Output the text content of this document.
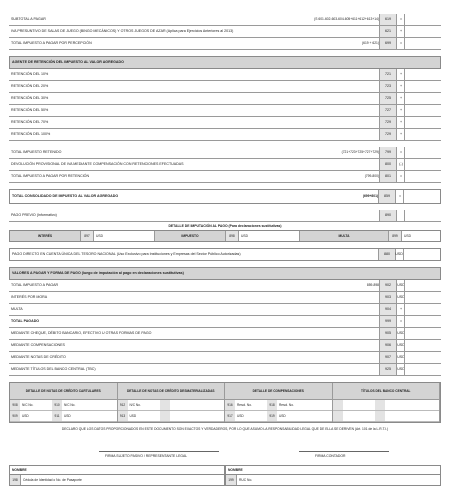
SUBTOTAL A PAGAR	(S 601-602-603-604-605+611+612+613+14)	619	=
IVA PRESUNTIVO DE SALAS DE JUEGO (BINGO MECÁNICOS) Y OTROS JUEGOS DE AZAR (Aplica para Ejercicios Anteriores al 2013)	621	+
TOTAL IMPUESTO A PAGAR POR PERCEPCIÓN	(619 + 621)	699	=
AGENTE DE RETENCIÓN DEL IMPUESTO AL VALOR AGREGADO
RETENCIÓN DEL 10%	721	+
RETENCIÓN DEL 20%	723	+
RETENCIÓN DEL 30%	725	+
RETENCIÓN DEL 50%	727	+
RETENCIÓN DEL 70%	729	+
RETENCIÓN DEL 100%	729	+
TOTAL IMPUESTO RETENIDO	(721+723+725+727+729)	799	=
DEVOLUCIÓN PROVISIONAL DE IVA MEDIANTE COMPENSACIÓN CON RETENCIONES EFECTUADAS	800	(-)
TOTAL IMPUESTO A PAGAR POR RETENCIÓN	(799-800)	801	=
TOTAL CONSOLIDADO DE IMPUESTO AL VALOR AGREGADO	(699+801)	859	=
PAGO PREVIO (Informativo)	890
DETALLE DE IMPUTACIÓN AL PAGO (Para declaraciones sustitutivas)
INTERÉS	897	USD	IMPUESTO	898	USD	MULTA	899	USD
PAGO DIRECTO EN CUENTA ÚNICA DEL TESORO NACIONAL (Uso Exclusivo para Instituciones y Empresas del Sector Público Autorizadas)	880	USD
VALORES A PAGAR Y FORMA DE PAGO (luego de imputación al pago en declaraciones sustitutivas)
TOTAL IMPUESTO A PAGAR	859-898	902	USD
INTERÉS POR MORA	903	USD
MULTA	904	+
TOTAL PAGADO	999	=
MEDIANTE CHEQUE, DÉBITO BANCARIO, EFECTIVO U OTRAS FORMAS DE PAGO	905	USD
MEDIANTE COMPENSACIONES	906	USD
MEDIANTE NOTAS DE CRÉDITO	907	USD
MEDIANTE TÍTULOS DEL BANCO CENTRAL (TBC)	925	USD
DETALLE DE NOTAS DE CRÉDITO CARTULARES
908	N/C No.	910	N/C No.
909	USD	911	USD
DETALLE DE NOTAS DE CRÉDITO DESMATERIALIZADAS
912	N/C No.
913	USD
DETALLE DE COMPENSACIONES
916	Resol. No.	918	Resol. No.
917	USD	919	USD
TÍTULOS DEL BANCO CENTRAL
DECLARO QUE LOS DATOS PROPORCIONADOS EN ESTE DOCUMENTO SON EXACTOS Y VERDADEROS, POR LO QUE ASUMO LA RESPONSABILIDAD LEGAL QUE DE ELLA SE DERIVEN (Art. 101 de la L.R.T.I.)
FIRMA SUJETO PASIVO / REPRESENTANTE LEGAL	FIRMA CONTADOR
NOMBRE
198	Cédula de Identidad o No. de Pasaporte
NOMBRE
199	RUC No.
